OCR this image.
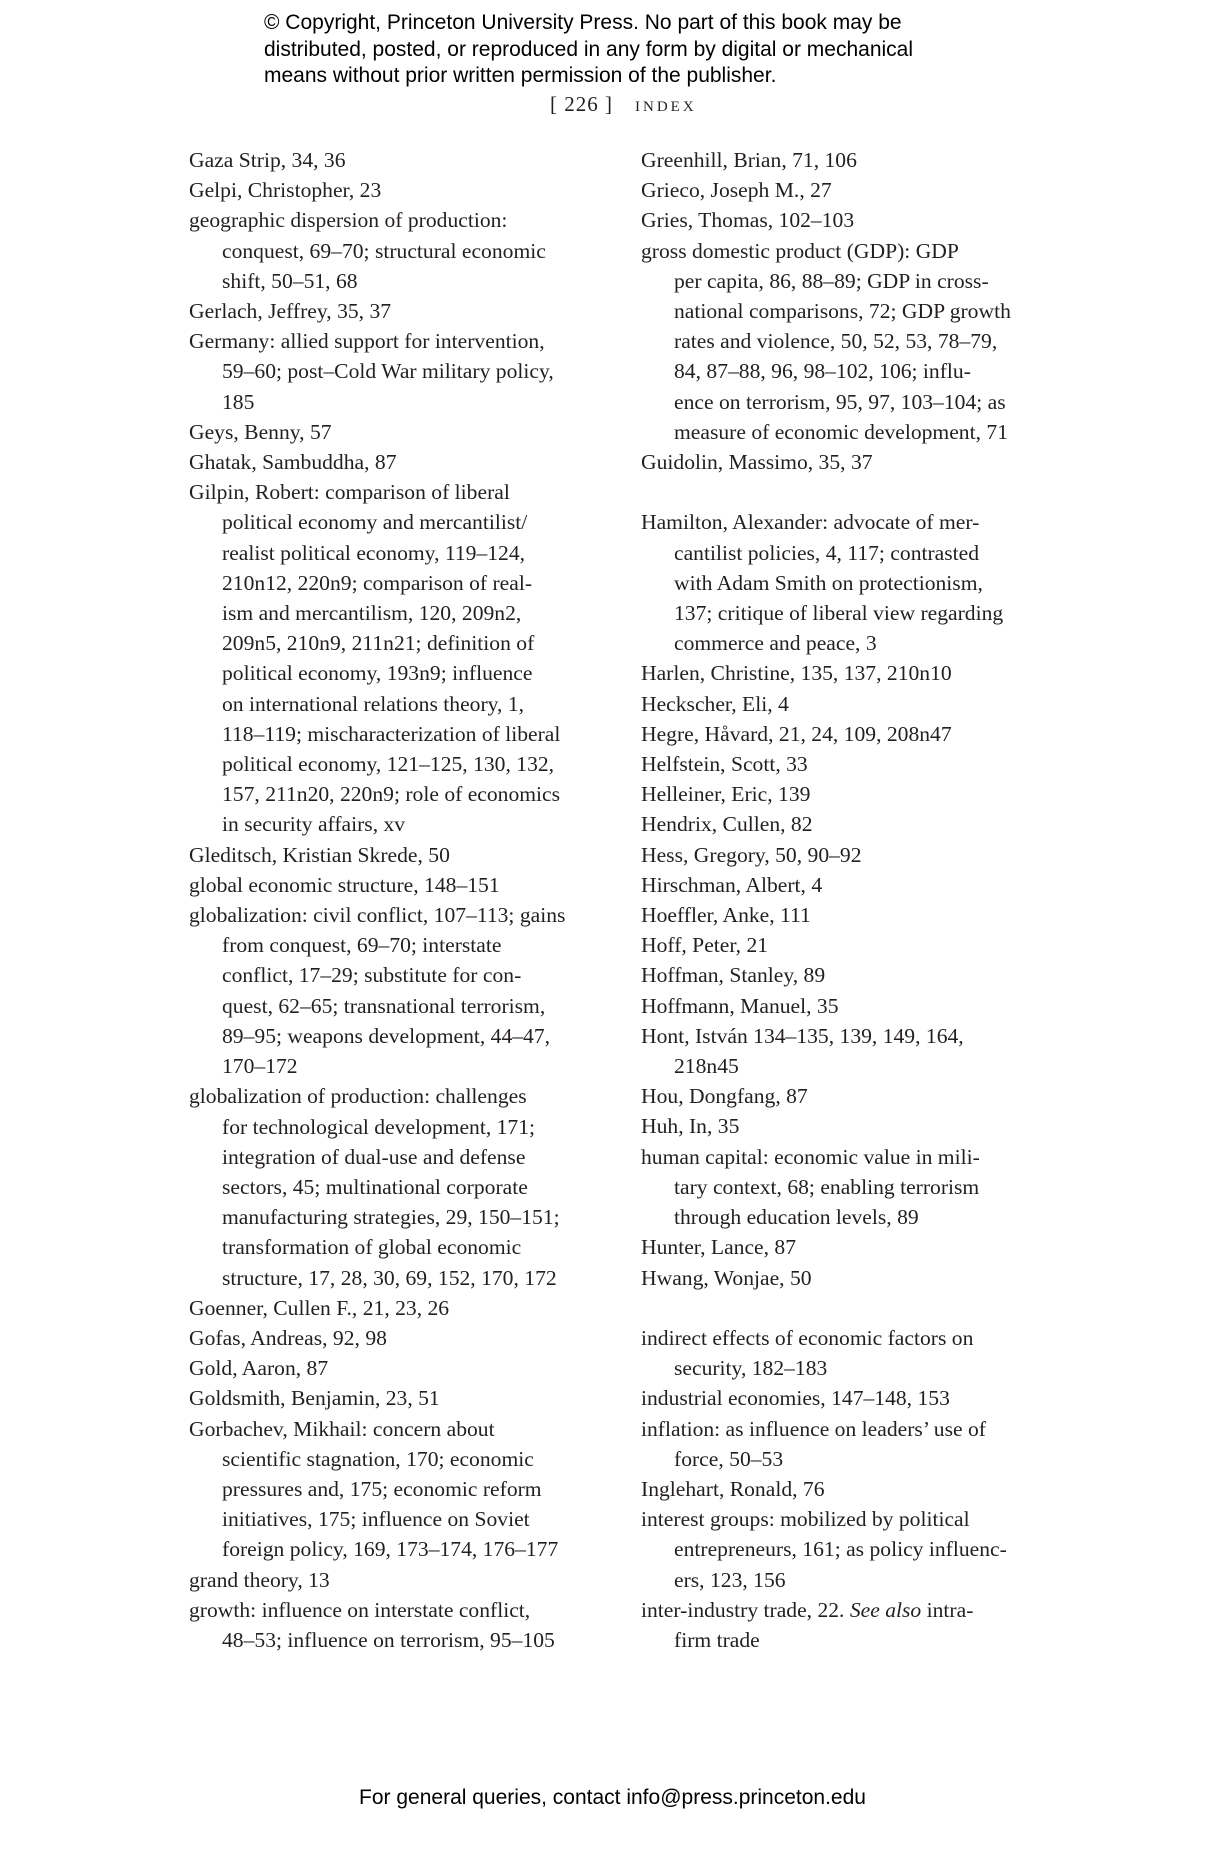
© Copyright, Princeton University Press. No part of this book may be
distributed, posted, or reproduced in any form by digital or mechanical
means without prior written permission of the publisher.
[ 226 ] index
Gaza Strip, 34, 36
Gelpi, Christopher, 23
geographic dispersion of production:
conquest, 69–70; structural economic
shift, 50–51, 68
Gerlach, Jeffrey, 35, 37
Germany: allied support for intervention,
59–60; post–Cold War military policy,
185
Geys, Benny, 57
Ghatak, Sambuddha, 87
Gilpin, Robert: comparison of liberal
political economy and mercantilist/
realist political economy, 119–124,
210n12, 220n9; comparison of real-
ism and mercantilism, 120, 209n2,
209n5, 210n9, 211n21; definition of
political economy, 193n9; influence
on international relations theory, 1,
118–119; mischaracterization of liberal
political economy, 121–125, 130, 132,
157, 211n20, 220n9; role of economics
in security affairs, xv
Gleditsch, Kristian Skrede, 50
global economic structure, 148–151
globalization: civil conflict, 107–113; gains
from conquest, 69–70; interstate
conflict, 17–29; substitute for con-
quest, 62–65; transnational terrorism,
89–95; weapons development, 44–47,
170–172
globalization of production: challenges
for technological development, 171;
integration of dual-use and defense
sectors, 45; multinational corporate
manufacturing strategies, 29, 150–151;
transformation of global economic
structure, 17, 28, 30, 69, 152, 170, 172
Goenner, Cullen F., 21, 23, 26
Gofas, Andreas, 92, 98
Gold, Aaron, 87
Goldsmith, Benjamin, 23, 51
Gorbachev, Mikhail: concern about
scientific stagnation, 170; economic
pressures and, 175; economic reform
initiatives, 175; influence on Soviet
foreign policy, 169, 173–174, 176–177
grand theory, 13
growth: influence on interstate conflict,
48–53; influence on terrorism, 95–105
Greenhill, Brian, 71, 106
Grieco, Joseph M., 27
Gries, Thomas, 102–103
gross domestic product (GDP): GDP
per capita, 86, 88–89; GDP in cross-
national comparisons, 72; GDP growth
rates and violence, 50, 52, 53, 78–79,
84, 87–88, 96, 98–102, 106; influ-
ence on terrorism, 95, 97, 103–104; as
measure of economic development, 71
Guidolin, Massimo, 35, 37
Hamilton, Alexander: advocate of mer-
cantilist policies, 4, 117; contrasted
with Adam Smith on protectionism,
137; critique of liberal view regarding
commerce and peace, 3
Harlen, Christine, 135, 137, 210n10
Heckscher, Eli, 4
Hegre, Håvard, 21, 24, 109, 208n47
Helfstein, Scott, 33
Helleiner, Eric, 139
Hendrix, Cullen, 82
Hess, Gregory, 50, 90–92
Hirschman, Albert, 4
Hoeffler, Anke, 111
Hoff, Peter, 21
Hoffman, Stanley, 89
Hoffmann, Manuel, 35
Hont, István 134–135, 139, 149, 164,
218n45
Hou, Dongfang, 87
Huh, In, 35
human capital: economic value in mili-
tary context, 68; enabling terrorism
through education levels, 89
Hunter, Lance, 87
Hwang, Wonjae, 50
indirect effects of economic factors on
security, 182–183
industrial economies, 147–148, 153
inflation: as influence on leaders’ use of
force, 50–53
Inglehart, Ronald, 76
interest groups: mobilized by political
entrepreneurs, 161; as policy influenc-
ers, 123, 156
inter-industry trade, 22. See also intra-
firm trade
For general queries, contact info@press.princeton.edu
